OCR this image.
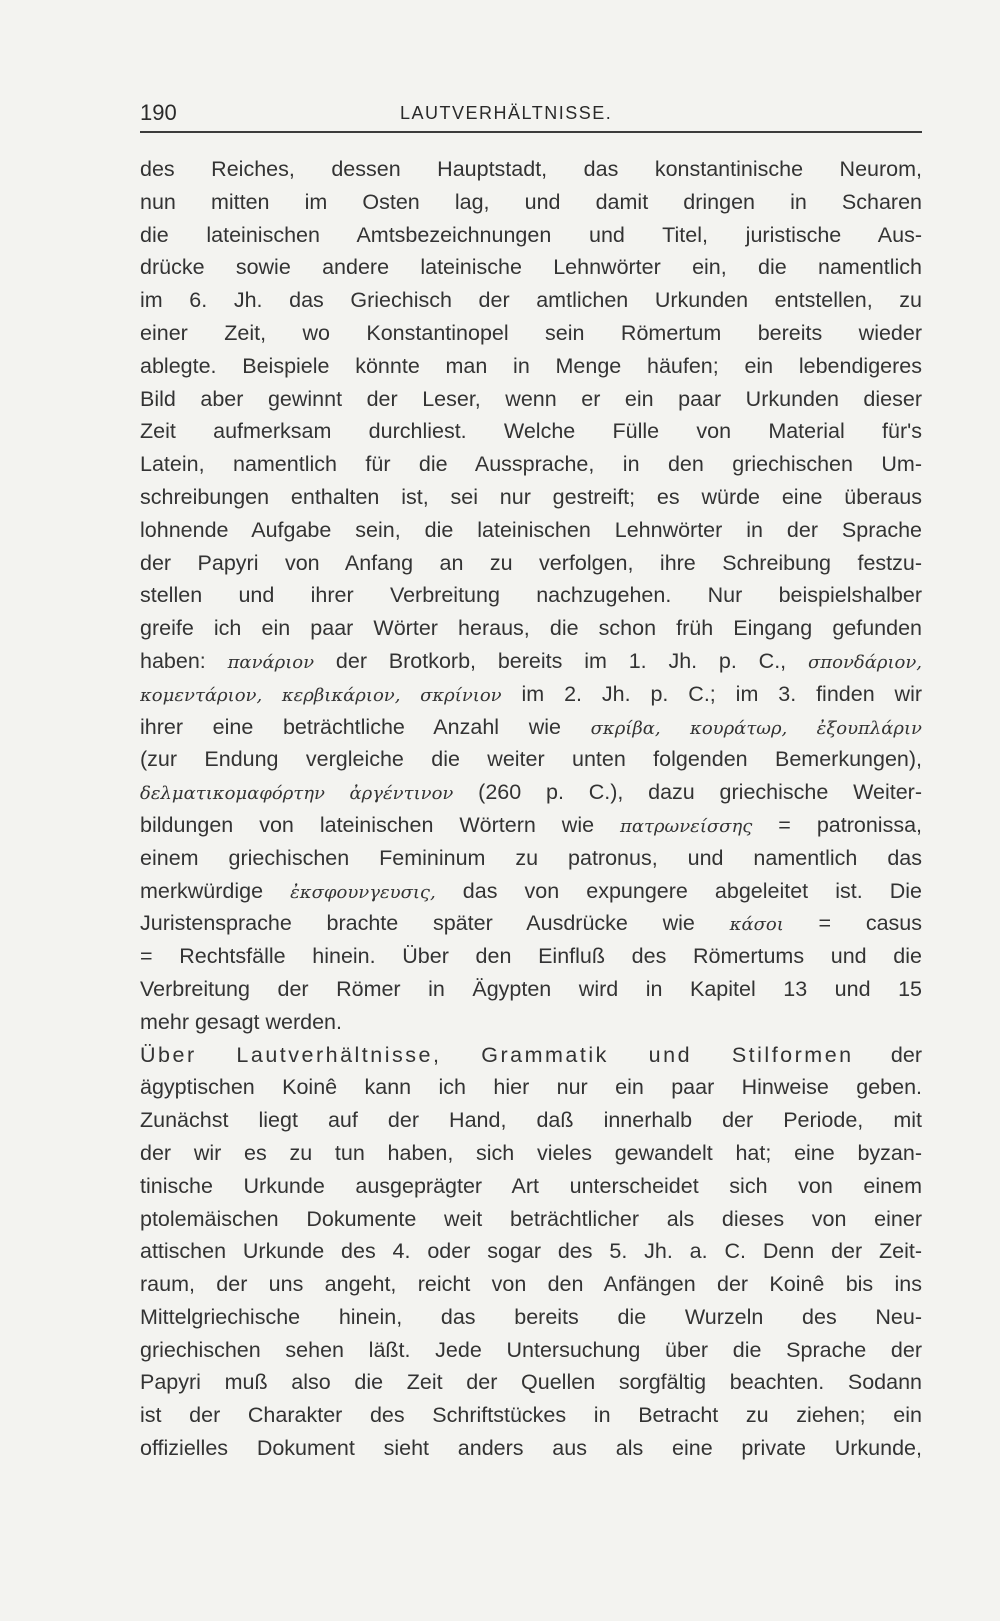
190	LAUTVERHÄLTNISSE.
des Reiches, dessen Hauptstadt, das konstantinische Neurom,
nun mitten im Osten lag, und damit dringen in Scharen
die lateinischen Amtsbezeichnungen und Titel, juristische Aus-
drücke sowie andere lateinische Lehnwörter ein, die namentlich
im 6. Jh. das Griechisch der amtlichen Urkunden entstellen, zu
einer Zeit, wo Konstantinopel sein Römertum bereits wieder
ablegte. Beispiele könnte man in Menge häufen; ein lebendigeres
Bild aber gewinnt der Leser, wenn er ein paar Urkunden dieser
Zeit aufmerksam durchliest. Welche Fülle von Material für's
Latein, namentlich für die Aussprache, in den griechischen Um-
schreibungen enthalten ist, sei nur gestreift; es würde eine überaus
lohnende Aufgabe sein, die lateinischen Lehnwörter in der Sprache
der Papyri von Anfang an zu verfolgen, ihre Schreibung festzu-
stellen und ihrer Verbreitung nachzugehen. Nur beispielshalber
greife ich ein paar Wörter heraus, die schon früh Eingang gefunden
haben: πανάριον der Brotkorb, bereits im 1. Jh. p. C., σπονδάριον,
κομεντάριον, κερβικάριον, σκρίνιον im 2. Jh. p. C.; im 3. finden wir
ihrer eine beträchtliche Anzahl wie σκρίβα, κουράτωρ, ἐξουπλάριν
(zur Endung vergleiche die weiter unten folgenden Bemerkungen),
δελματικομαφόρτην ἀργέντινον (260 p. C.), dazu griechische Weiter-
bildungen von lateinischen Wörtern wie πατρωνείσσης = patronissa,
einem griechischen Femininum zu patronus, und namentlich das
merkwürdige ἐκσφουνγευσις, das von expungere abgeleitet ist. Die
Juristensprache brachte später Ausdrücke wie κάσοι = casus
= Rechtsfälle hinein. Über den Einfluß des Römertums und die
Verbreitung der Römer in Ägypten wird in Kapitel 13 und 15
mehr gesagt werden.
Über Lautverhältnisse, Grammatik und Stilformen der
ägyptischen Koinê kann ich hier nur ein paar Hinweise geben.
Zunächst liegt auf der Hand, daß innerhalb der Periode, mit
der wir es zu tun haben, sich vieles gewandelt hat; eine byzan-
tinische Urkunde ausgeprägter Art unterscheidet sich von einem
ptolemäischen Dokumente weit beträchtlicher als dieses von einer
attischen Urkunde des 4. oder sogar des 5. Jh. a. C. Denn der Zeit-
raum, der uns angeht, reicht von den Anfängen der Koinê bis ins
Mittelgriechische hinein, das bereits die Wurzeln des Neu-
griechischen sehen läßt. Jede Untersuchung über die Sprache der
Papyri muß also die Zeit der Quellen sorgfältig beachten. Sodann
ist der Charakter des Schriftstückes in Betracht zu ziehen; ein
offizielles Dokument sieht anders aus als eine private Urkunde,
